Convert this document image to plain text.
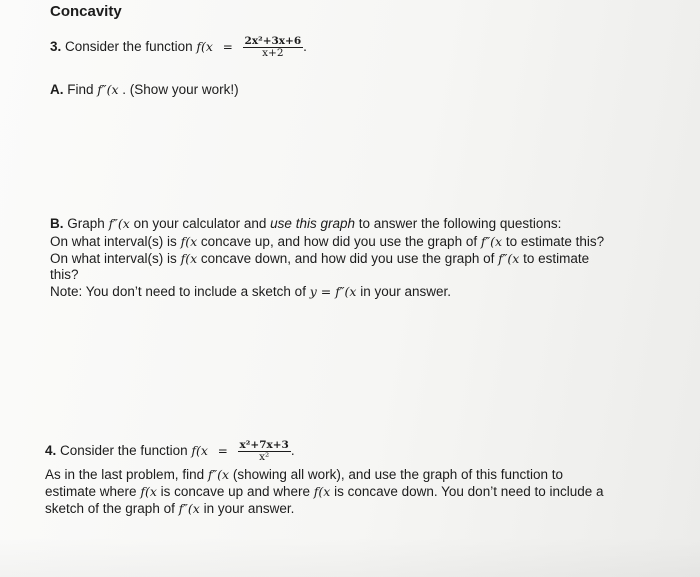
Concavity
3. Consider the function $f(x = \frac{\text{2x²+3x+6}}{x+2}$ .
A. Find f″(x . (Show your work!)
B. Graph f″(x on your calculator and use this graph to answer the following questions:
On what interval(s) is f(x concave up, and how did you use the graph of f″(x to estimate this?
On what interval(s) is f(x concave down, and how did you use the graph of f″(x to estimate
this?
Note: You don’t need to include a sketch of y = f″(x in your answer.
4. Consider the function $f(x = \frac{\text{x²+7x+3}}{\text{x²}}$ .
As in the last problem, find f″(x (showing all work), and use the graph of this function to
estimate where f(x is concave up and where f(x is concave down. You don’t need to include a
sketch of the graph of f″(x in your answer.
